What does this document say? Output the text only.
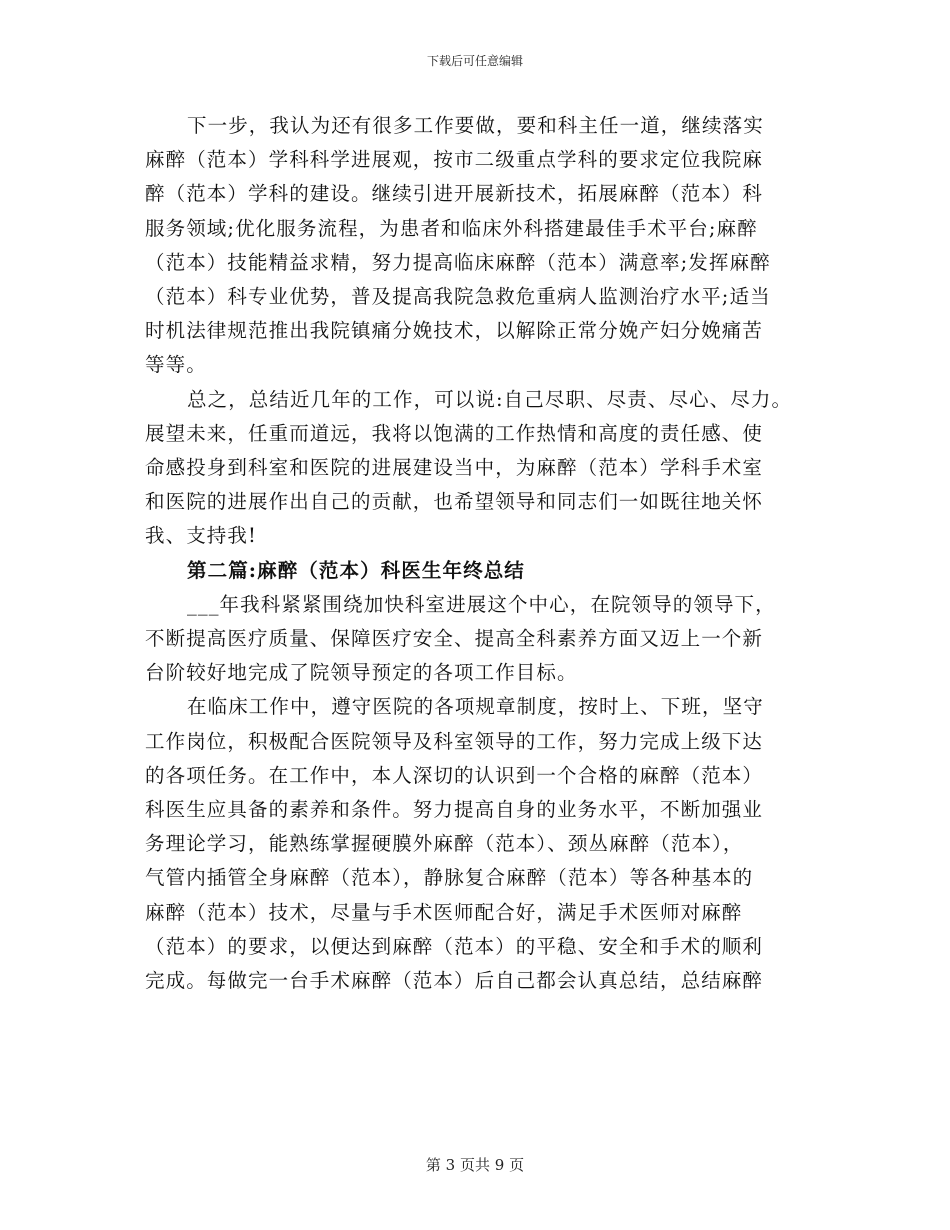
下载后可任意编辑
下一步，我认为还有很多工作要做，要和科主任一道，继续落实
麻醉（范本）学科科学进展观，按市二级重点学科的要求定位我院麻
醉（范本）学科的建设。继续引进开展新技术，拓展麻醉（范本）科
服务领域;优化服务流程，为患者和临床外科搭建最佳手术平台;麻醉
（范本）技能精益求精，努力提高临床麻醉（范本）满意率;发挥麻醉
（范本）科专业优势，普及提高我院急救危重病人监测治疗水平;适当
时机法律规范推出我院镇痛分娩技术，以解除正常分娩产妇分娩痛苦
等等。
总之，总结近几年的工作，可以说:自己尽职、尽责、尽心、尽力。
展望未来，任重而道远，我将以饱满的工作热情和高度的责任感、使
命感投身到科室和医院的进展建设当中，为麻醉（范本）学科手术室
和医院的进展作出自己的贡献，也希望领导和同志们一如既往地关怀
我、支持我!
第二篇:麻醉（范本）科医生年终总结
___年我科紧紧围绕加快科室进展这个中心，在院领导的领导下，
不断提高医疗质量、保障医疗安全、提高全科素养方面又迈上一个新
台阶较好地完成了院领导预定的各项工作目标。
在临床工作中，遵守医院的各项规章制度，按时上、下班，坚守
工作岗位，积极配合医院领导及科室领导的工作，努力完成上级下达
的各项任务。在工作中，本人深切的认识到一个合格的麻醉（范本）
科医生应具备的素养和条件。努力提高自身的业务水平，不断加强业
务理论学习，能熟练掌握硬膜外麻醉（范本）、颈丛麻醉（范本），
气管内插管全身麻醉（范本），静脉复合麻醉（范本）等各种基本的
麻醉（范本）技术，尽量与手术医师配合好，满足手术医师对麻醉
（范本）的要求，以便达到麻醉（范本）的平稳、安全和手术的顺利
完成。每做完一台手术麻醉（范本）后自己都会认真总结，总结麻醉
第 3 页共 9 页
